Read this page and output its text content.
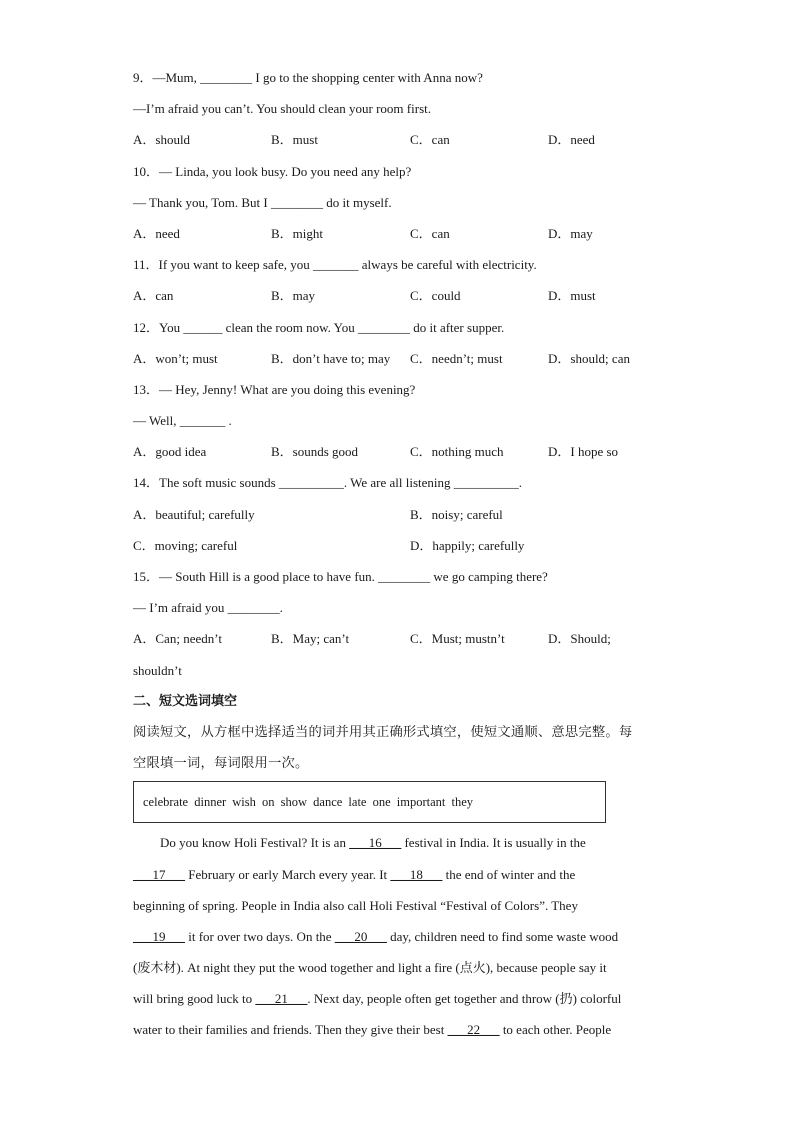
9．—Mum, ________ I go to the shopping center with Anna now?
—I’m afraid you can’t. You should clean your room first.
A．should	B．must	C．can	D．need
10．— Linda, you look busy. Do you need any help?
— Thank you, Tom. But I ________ do it myself.
A．need	B．might	C．can	D．may
11．If you want to keep safe, you _______ always be careful with electricity.
A．can	B．may	C．could	D．must
12．You ______ clean the room now. You ________ do it after supper.
A．won’t; must	B．don’t have to; may C．needn’t; must	D．should; can
13．— Hey, Jenny! What are you doing this evening?
— Well, _______ .
A．good idea	B．sounds good	C．nothing much	D．I hope so
14．The soft music sounds __________. We are all listening __________.
A．beautiful; carefully	B．noisy; careful
C．moving; careful	D．happily; carefully
15．— South Hill is a good place to have fun. ________ we go camping there?
— I’m afraid you ________.
A．Can; needn’t	B．May; can’t	C．Must; mustn’t	D．Should;
shouldn’t
二、短文选词填空
阅读短文，从方框中选择适当的词并用其正确形式填空，使短文通顺、意思完整。每
空限填一词，每词限用一次。
celebrate dinner wish on show dance late one important they
Do you know Holi Festival? It is an ___16___ festival in India. It is usually in the
___17___ February or early March every year. It ___18___ the end of winter and the
beginning of spring. People in India also call Holi Festival “Festival of Colors”. They
___19___ it for over two days. On the ___20___ day, children need to find some waste wood
(废木材). At night they put the wood together and light a fire (点火), because people say it
will bring good luck to ___21___. Next day, people often get together and throw (扔) colorful
water to their families and friends. Then they give their best ___22___ to each other. People
